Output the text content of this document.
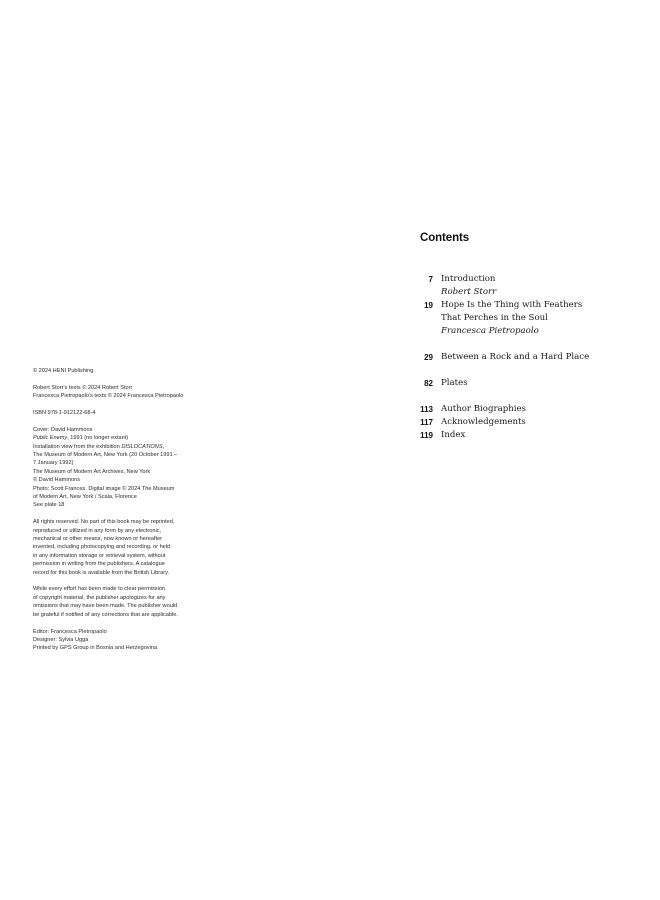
© 2024 HENI Publishing
Robert Storr's texts © 2024 Robert Storr
Francesca Pietropaolo's texts © 2024 Francesca Pietropaolo
ISBN 978-1-912122-68-4
Cover: David Hammons
Public Enemy, 1991 (no longer extant)
Installation view from the exhibition DISLOCATIONS,
The Museum of Modern Art, New York (20 October 1991 –
7 January 1992)
The Museum of Modern Art Archives, New York
© David Hammons
Photo: Scott Frances. Digital image © 2024 The Museum
of Modern Art, New York / Scala, Florence
See plate 18
All rights reserved. No part of this book may be reprinted,
reproduced or utilized in any form by any electronic,
mechanical or other means, now known or hereafter
invented, including photocopying and recording, or held
in any information storage or retrieval system, without
permission in writing from the publishers. A catalogue
record for this book is available from the British Library.
While every effort has been made to clear permission
of copyright material, the publisher apologizes for any
omissions that may have been made. The publisher would
be grateful if notified of any corrections that are applicable.
Editor: Francesca Pietropaolo
Designer: Sylvia Ugga
Printed by GPS Group in Bosnia and Herzegovina
Contents
7 Introduction
Robert Storr
19 Hope Is the Thing with Feathers
That Perches in the Soul
Francesca Pietropaolo
29 Between a Rock and a Hard Place
82 Plates
113 Author Biographies
117 Acknowledgements
119 Index
